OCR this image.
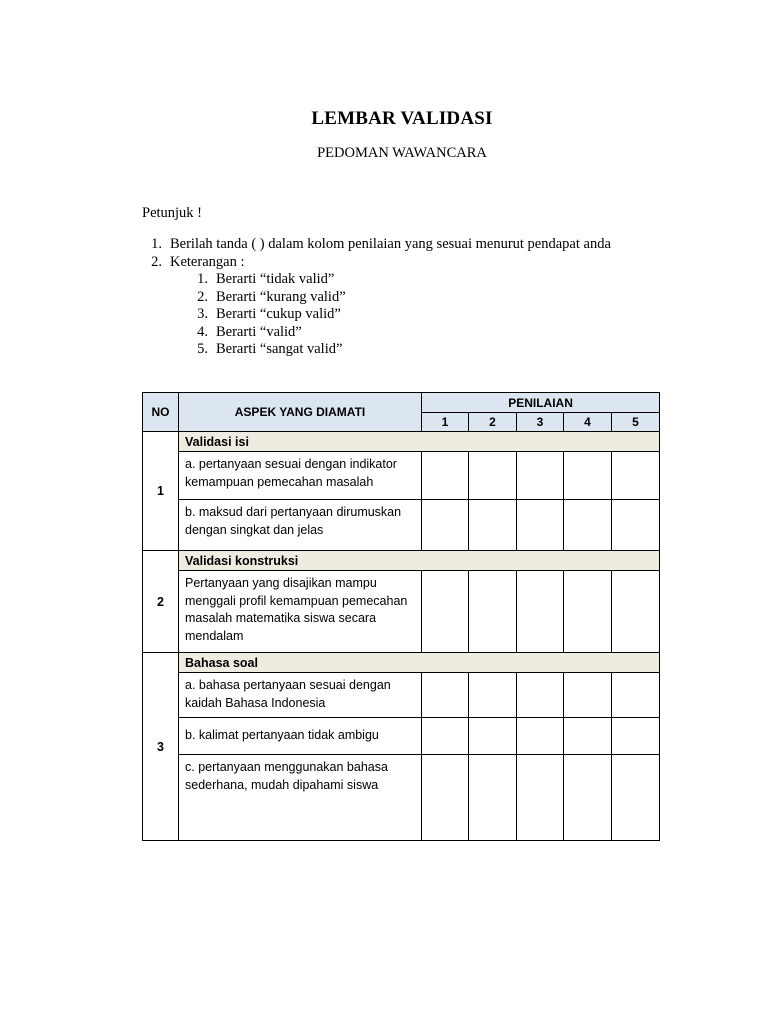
LEMBAR VALIDASI
PEDOMAN WAWANCARA
Petunjuk !
1. Berilah tanda ( ) dalam kolom penilaian yang sesuai menurut pendapat anda
2. Keterangan :
1. Berarti “tidak valid”
2. Berarti “kurang valid”
3. Berarti “cukup valid”
4. Berarti “valid”
5. Berarti “sangat valid”
NO	ASPEK YANG DIAMATI	PENILAIAN				
		1	2	3	4	5
1	Validasi isi					
	a. pertanyaan sesuai dengan indikator kemampuan pemecahan masalah					
	b. maksud dari pertanyaan dirumuskan dengan singkat dan jelas					
2	Validasi konstruksi					
	Pertanyaan yang disajikan mampu menggali profil kemampuan pemecahan masalah matematika siswa secara mendalam					
3	Bahasa soal					
	a. bahasa pertanyaan sesuai dengan kaidah Bahasa Indonesia					
	b. kalimat pertanyaan tidak ambigu					
	c. pertanyaan menggunakan bahasa sederhana, mudah dipahami siswa					
